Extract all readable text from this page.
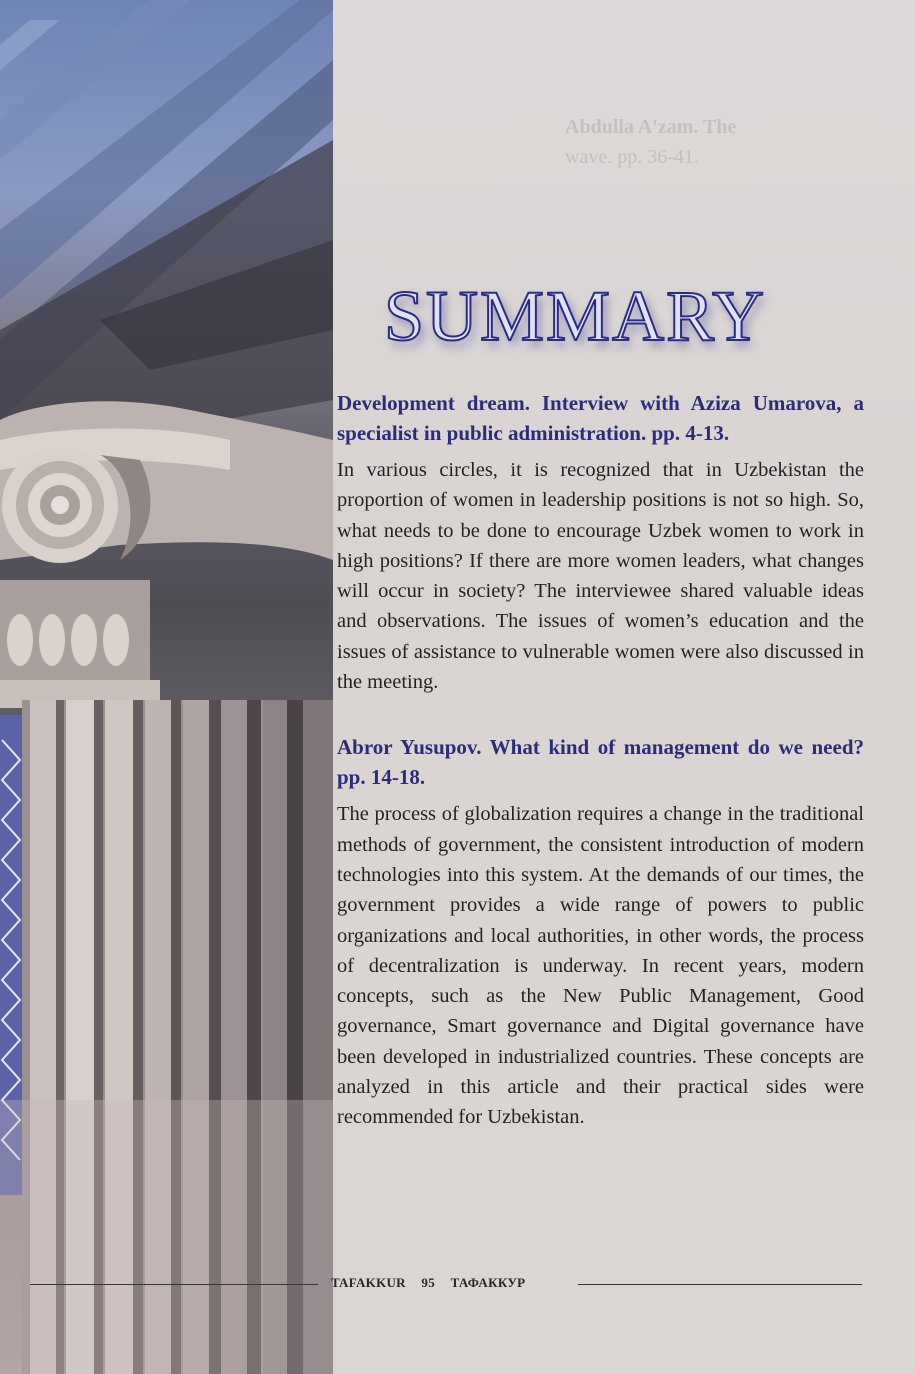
Abdulla A'zam. The
wave. pp. 36-41.
SUMMARY

Development dream. Interview with Aziza Umarova, a specialist in public administration. pp. 4-13.

In various circles, it is recognized that in Uzbekistan the proportion of women in leadership positions is not so high. So, what needs to be done to encourage Uzbek women to work in high positions? If there are more women leaders, what changes will occur in society? The interviewee shared valuable ideas and observations. The issues of women’s education and the issues of assistance to vulnerable women were also discussed in the meeting.

Abror Yusupov. What kind of management do we need? pp. 14-18.

The process of globalization requires a change in the traditional methods of government, the consistent introduction of modern technologies into this system. At the demands of our times, the government provides a wide range of powers to public organizations and local authorities, in other words, the process of decentralization is underway. In recent years, modern concepts, such as the New Public Management, Good governance, Smart governance and Digital governance have been developed in industrialized countries. These concepts are analyzed in this article and their practical sides were recommended for Uzbekistan.

TAFAKKUR 95 ТАФАККУР
